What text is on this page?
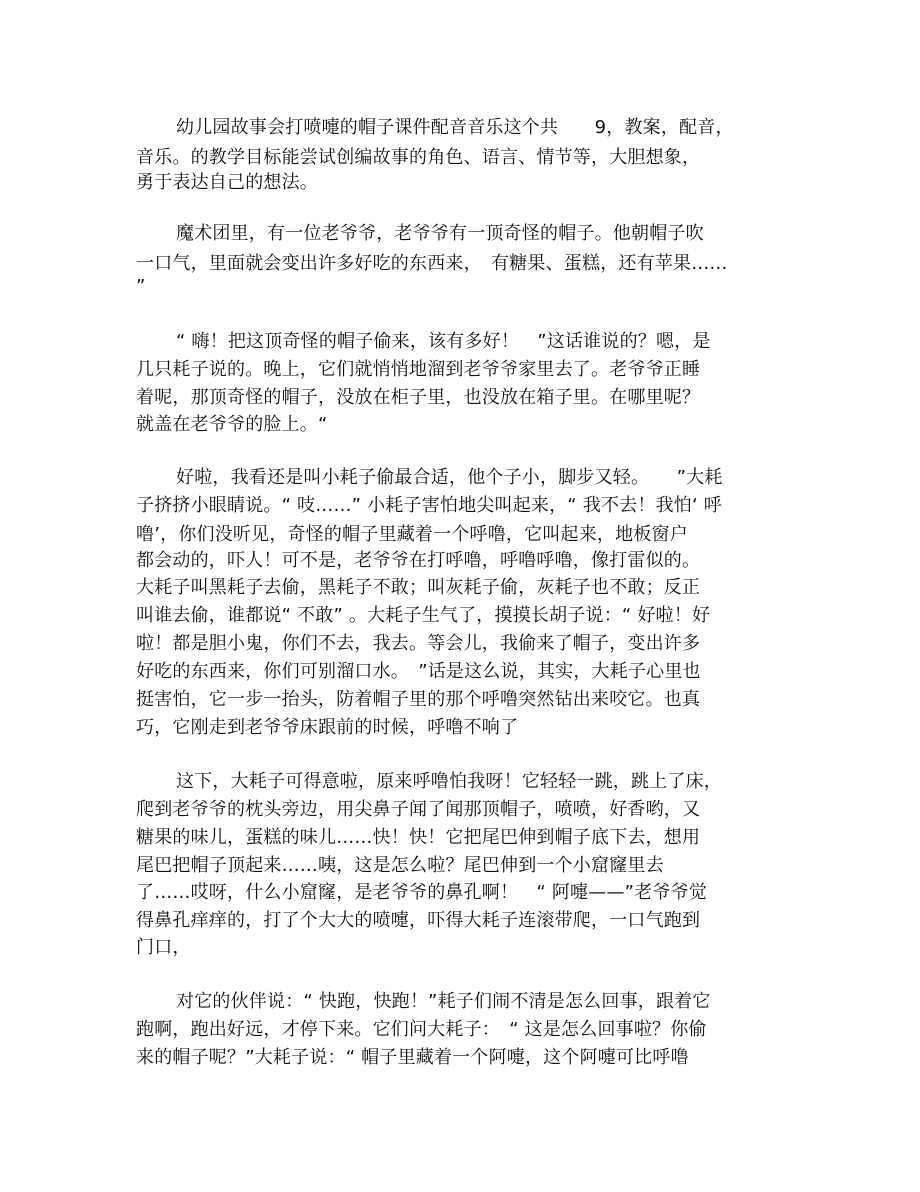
幼儿园故事会打喷嚏的帽子课件配音音乐这个共　　9，教案，配音，
音乐。的教学目标能尝试创编故事的角色、语言、情节等，大胆想象，
勇于表达自己的想法。
魔术团里，有一位老爷爷，老爷爷有一顶奇怪的帽子。他朝帽子吹
一口气，里面就会变出许多好吃的东西来，　有糖果、蛋糕，还有苹果……
”
“ 嗨！把这顶奇怪的帽子偷来，该有多好！　”这话谁说的？嗯，是
几只耗子说的。晚上，它们就悄悄地溜到老爷爷家里去了。老爷爷正睡
着呢，那顶奇怪的帽子，没放在柜子里，也没放在箱子里。在哪里呢？
就盖在老爷爷的脸上。“
好啦，我看还是叫小耗子偷最合适，他个子小，脚步又轻。　　”大耗
子挤挤小眼睛说。“ 吱……” 小耗子害怕地尖叫起来，“ 我不去！我怕‘ 呼
噜’，你们没听见，奇怪的帽子里藏着一个呼噜，它叫起来，地板窗户
都会动的，吓人！可不是，老爷爷在打呼噜，呼噜呼噜，像打雷似的。
大耗子叫黑耗子去偷，黑耗子不敢；叫灰耗子偷，灰耗子也不敢；反正
叫谁去偷，谁都说“ 不敢” 。大耗子生气了，摸摸长胡子说：“ 好啦！好
啦！都是胆小鬼，你们不去，我去。等会儿，我偷来了帽子，变出许多
好吃的东西来，你们可别溜口水。　”话是这么说，其实，大耗子心里也
挺害怕，它一步一抬头，防着帽子里的那个呼噜突然钻出来咬它。也真
巧，它刚走到老爷爷床跟前的时候，呼噜不响了
这下，大耗子可得意啦，原来呼噜怕我呀！它轻轻一跳，跳上了床，
爬到老爷爷的枕头旁边，用尖鼻子闻了闻那顶帽子，喷喷，好香哟，又
糖果的味儿，蛋糕的味儿……快！快！它把尾巴伸到帽子底下去，想用
尾巴把帽子顶起来……咦，这是怎么啦？尾巴伸到一个小窟窿里去
了……哎呀，什么小窟窿，是老爷爷的鼻孔啊！　“ 阿嚏——”老爷爷觉
得鼻孔痒痒的，打了个大大的喷嚏，吓得大耗子连滚带爬，一口气跑到
门口，
对它的伙伴说：“ 快跑，快跑！”耗子们闹不清是怎么回事，跟着它
跑啊，跑出好远，才停下来。它们问大耗子：　“ 这是怎么回事啦？你偷
来的帽子呢？”大耗子说：“ 帽子里藏着一个阿嚏，这个阿嚏可比呼噜
